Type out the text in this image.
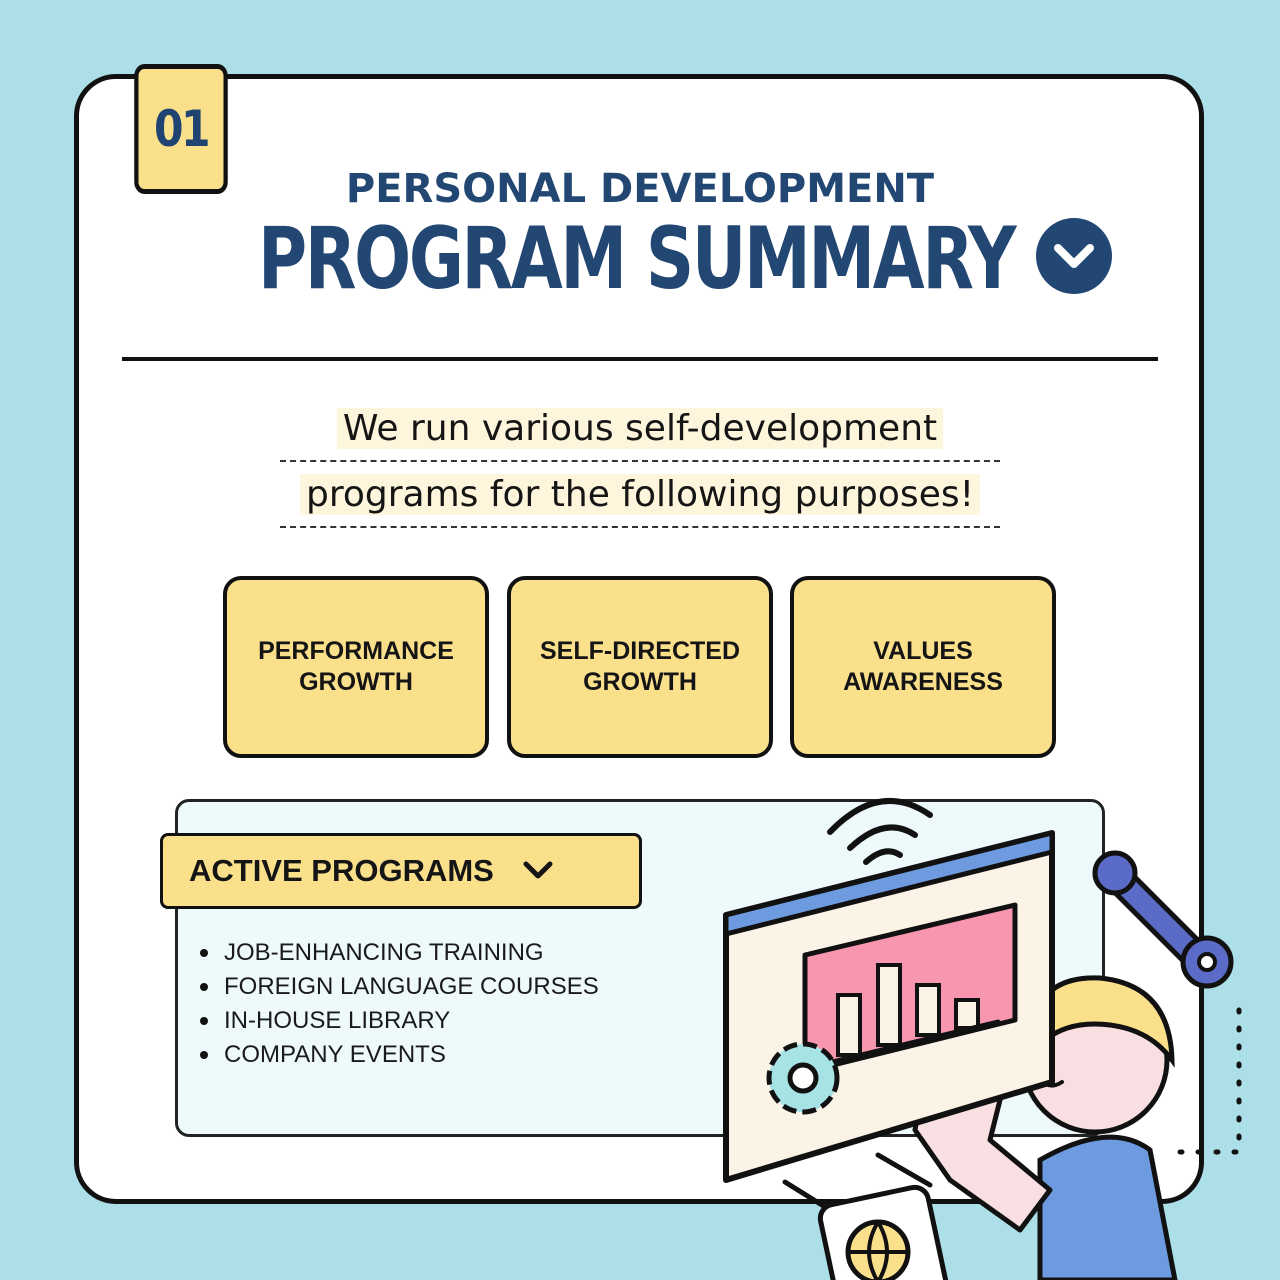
01
PERSONAL DEVELOPMENT
PROGRAM SUMMARY
We run various self-development
programs for the following purposes!
PERFORMANCE
GROWTH
SELF-DIRECTED
GROWTH
VALUES
AWARENESS
ACTIVE PROGRAMS
JOB-ENHANCING TRAINING
FOREIGN LANGUAGE COURSES
IN-HOUSE LIBRARY
COMPANY EVENTS
